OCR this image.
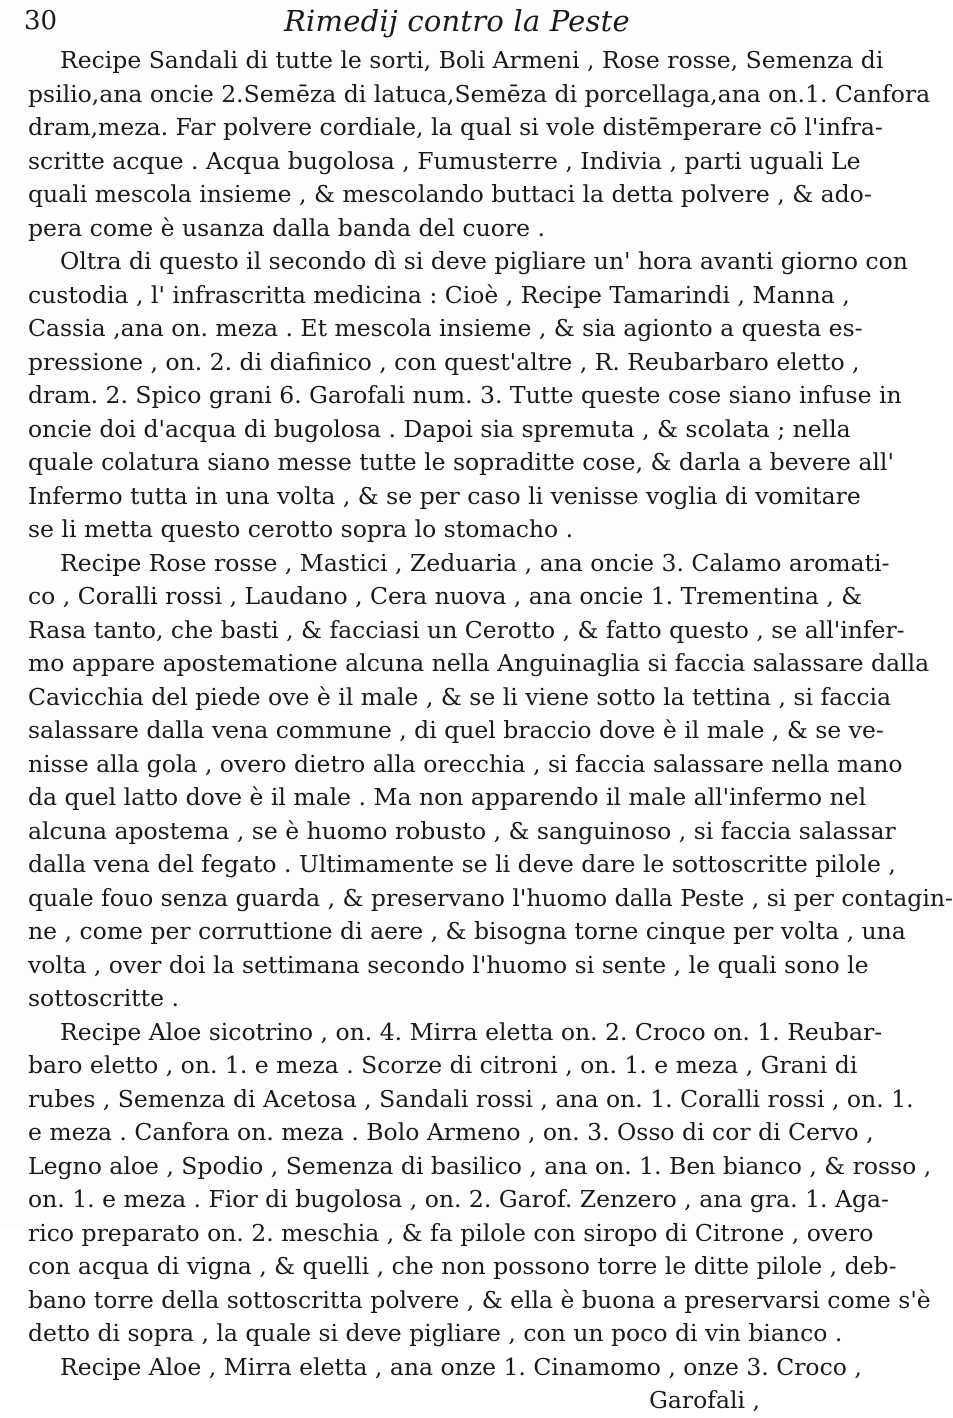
30	Rimedij contro la Peste
Recipe Sandali di tutte le sorti, Boli Armeni , Rose rosse, Semenza di
psilio,ana oncie 2.Semēza di latuca,Semēza di porcellaga,ana on.1. Canfora
dram,meza. Far polvere cordiale, la qual si vole distēmperare cō l'infra-
scritte acque . Acqua bugolosa , Fumusterre , Indivia , parti uguali Le
quali mescola insieme , & mescolando buttaci la detta polvere , & ado-
pera come è usanza dalla banda del cuore .
Oltra di questo il secondo dì si deve pigliare un' hora avanti giorno con
custodia , l' infrascritta medicina : Cioè , Recipe Tamarindi , Manna ,
Cassia ,ana on. meza . Et mescola insieme , & sia agionto a questa es-
pressione , on. 2. di diafinico , con quest'altre , R. Reubarbaro eletto ,
dram. 2. Spico grani 6. Garofali num. 3. Tutte queste cose siano infuse in
oncie doi d'acqua di bugolosa . Dapoi sia spremuta , & scolata ; nella
quale colatura siano messe tutte le sopraditte cose, & darla a bevere all'
Infermo tutta in una volta , & se per caso li venisse voglia di vomitare
se li metta questo cerotto sopra lo stomacho .
Recipe Rose rosse , Mastici , Zeduaria , ana oncie 3. Calamo aromati-
co , Coralli rossi , Laudano , Cera nuova , ana oncie 1. Trementina , &
Rasa tanto, che basti , & facciasi un Cerotto , & fatto questo , se all'infer-
mo appare apostematione alcuna nella Anguinaglia si faccia salassare dalla
Cavicchia del piede ove è il male , & se li viene sotto la tettina , si faccia
salassare dalla vena commune , di quel braccio dove è il male , & se ve-
nisse alla gola , overo dietro alla orecchia , si faccia salassare nella mano
da quel latto dove è il male . Ma non apparendo il male all'infermo nel
alcuna apostema , se è huomo robusto , & sanguinoso , si faccia salassar
dalla vena del fegato . Ultimamente se li deve dare le sottoscritte pilole ,
quale fouo senza guarda , & preservano l'huomo dalla Peste , si per contagin-
ne , come per corruttione di aere , & bisogna torne cinque per volta , una
volta , over doi la settimana secondo l'huomo si sente , le quali sono le
sottoscritte .
Recipe Aloe sicotrino , on. 4. Mirra eletta on. 2. Croco on. 1. Reubar-
baro eletto , on. 1. e meza . Scorze di citroni , on. 1. e meza , Grani di
rubes , Semenza di Acetosa , Sandali rossi , ana on. 1. Coralli rossi , on. 1.
e meza . Canfora on. meza . Bolo Armeno , on. 3. Osso di cor di Cervo ,
Legno aloe , Spodio , Semenza di basilico , ana on. 1. Ben bianco , & rosso ,
on. 1. e meza . Fior di bugolosa , on. 2. Garof. Zenzero , ana gra. 1. Aga-
rico preparato on. 2. meschia , & fa pilole con siropo di Citrone , overo
con acqua di vigna , & quelli , che non possono torre le ditte pilole , deb-
bano torre della sottoscritta polvere , & ella è buona a preservarsi come s'è
detto di sopra , la quale si deve pigliare , con un poco di vin bianco .
Recipe Aloe , Mirra eletta , ana onze 1. Cinamomo , onze 3. Croco ,
Garofali ,
